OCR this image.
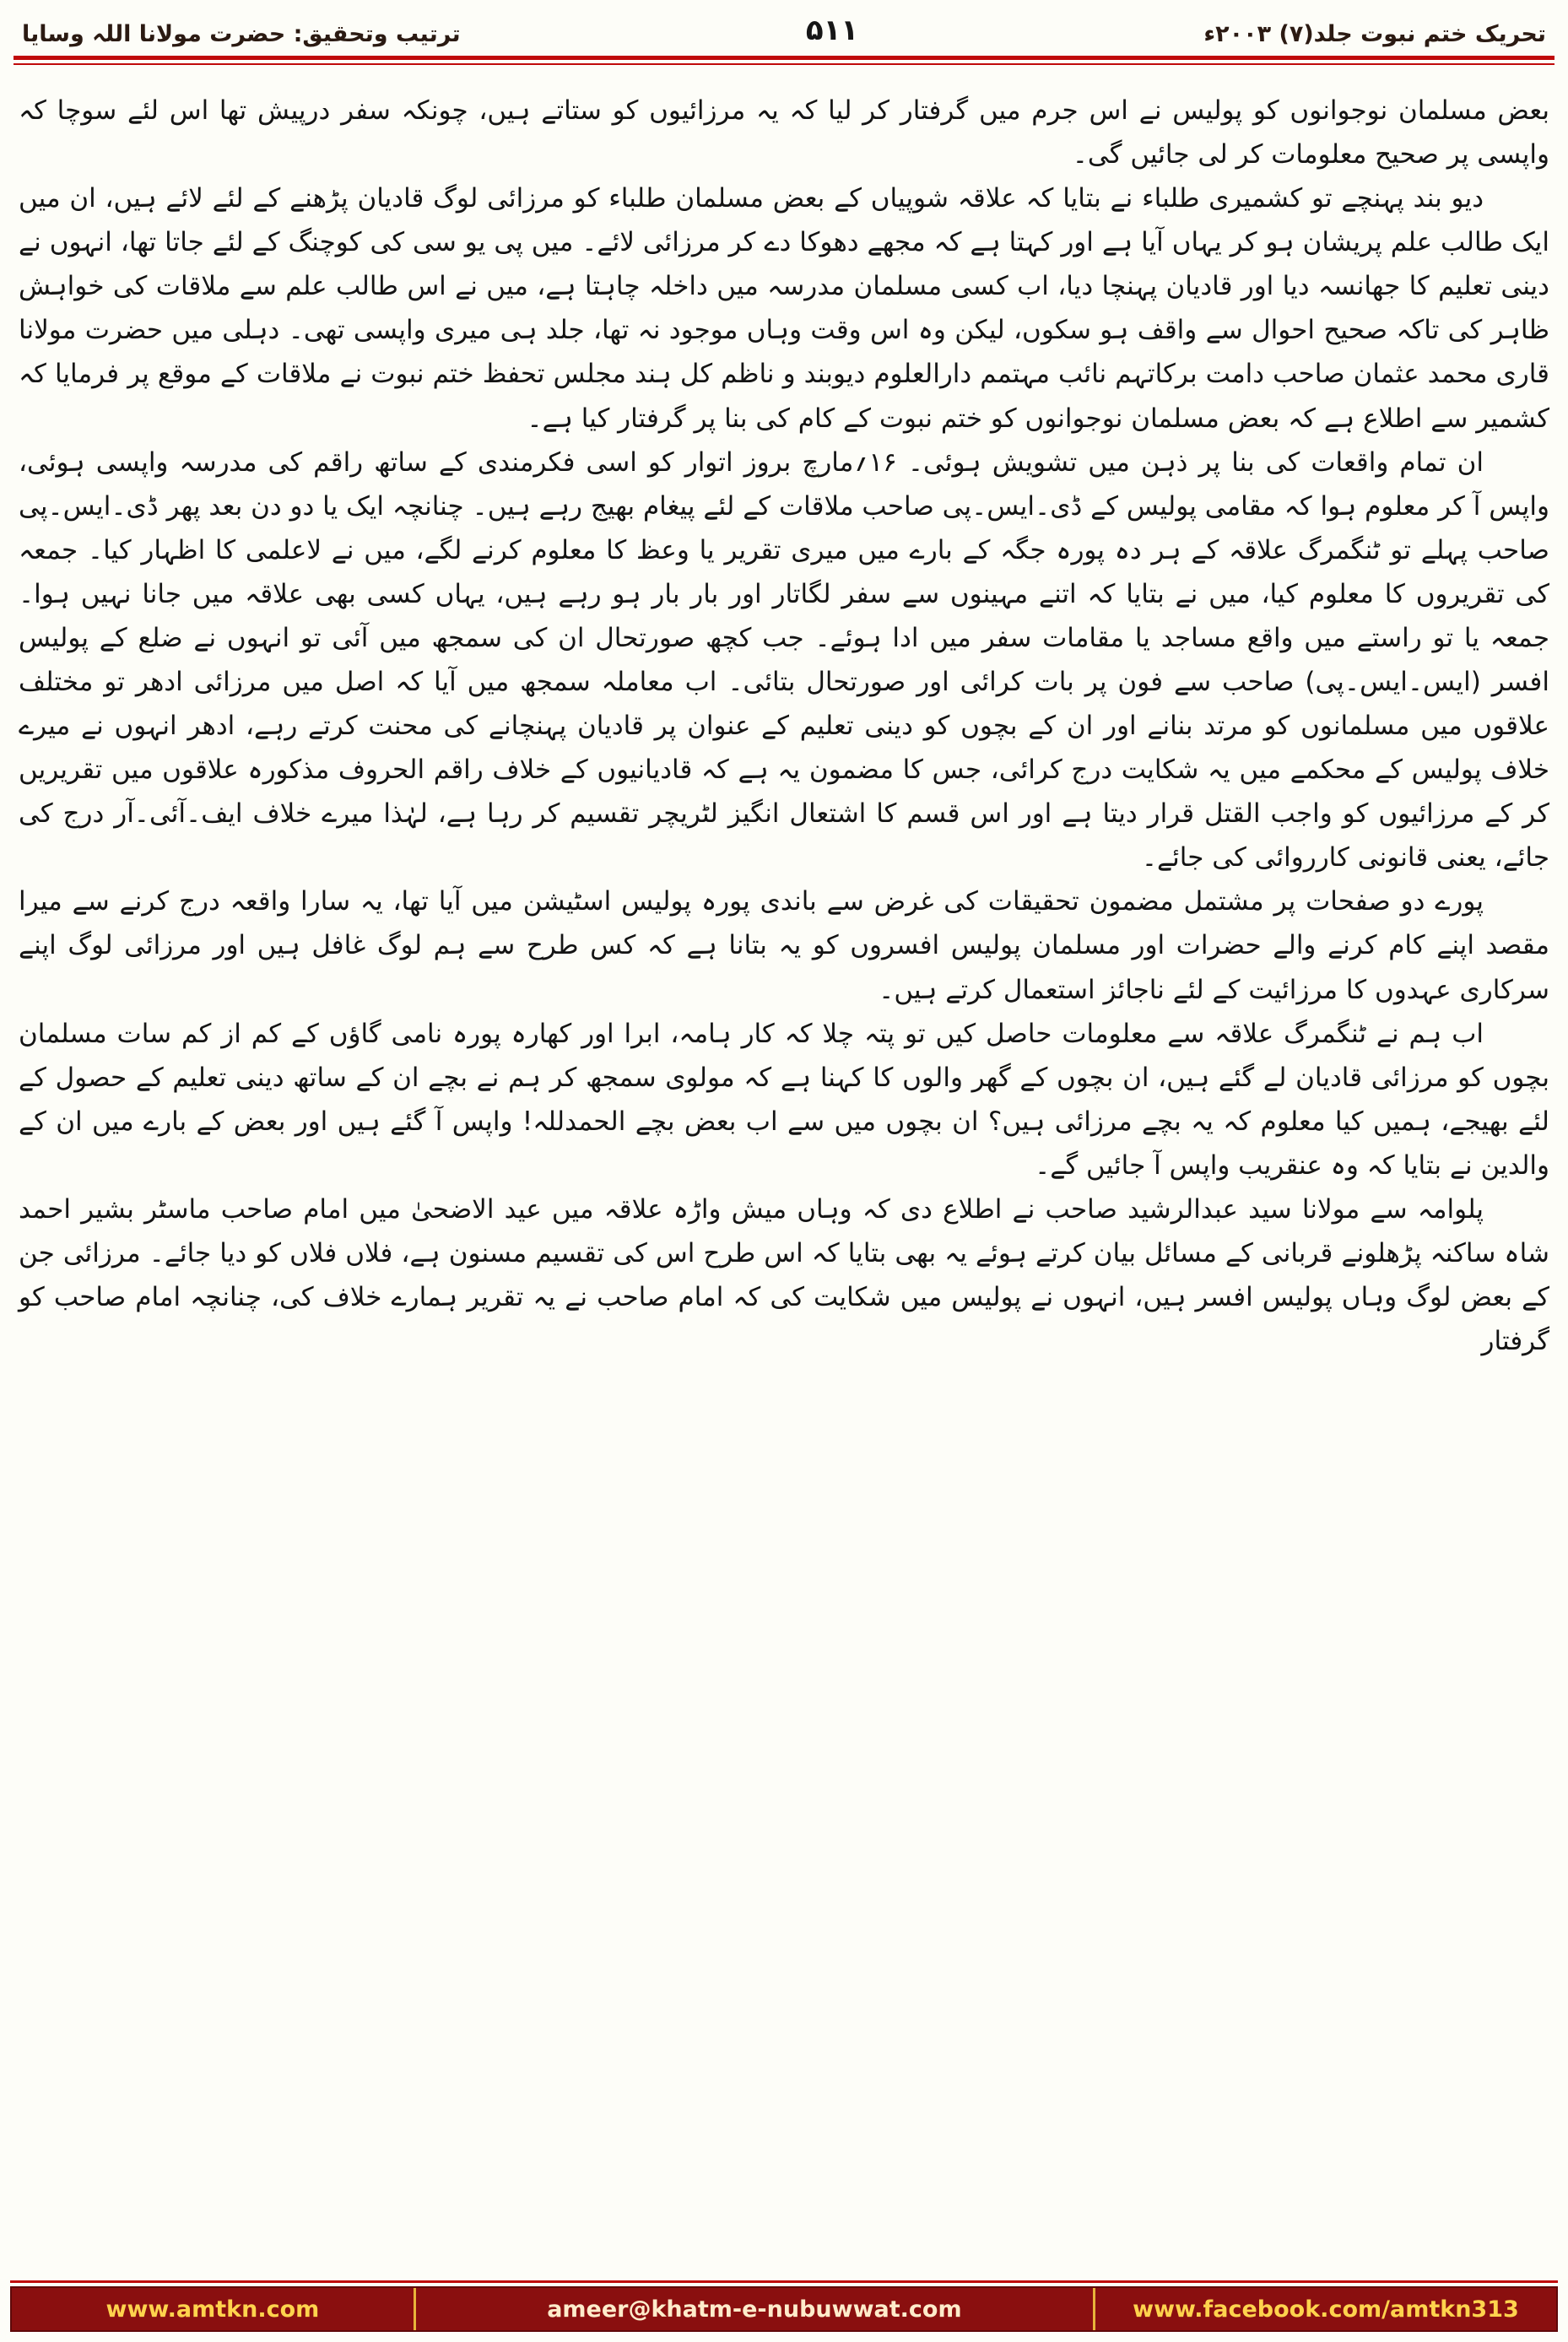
تحریک ختم نبوت جلد(۷) ۲۰۰۳ء
۵۱۱
ترتیب وتحقیق: حضرت مولانا اللہ وسایا

بعض مسلمان نوجوانوں کو پولیس نے اس جرم میں گرفتار کر لیا کہ یہ مرزائیوں کو ستاتے ہیں، چونکہ سفر درپیش تھا اس لئے سوچا کہ واپسی پر صحیح معلومات کر لی جائیں گی۔

دیو بند پہنچے تو کشمیری طلباء نے بتایا کہ علاقہ شوپیاں کے بعض مسلمان طلباء کو مرزائی لوگ قادیان پڑھنے کے لئے لائے ہیں، ان میں ایک طالب علم پریشان ہو کر یہاں آیا ہے اور کہتا ہے کہ مجھے دھوکا دے کر مرزائی لائے۔ میں پی یو سی کی کوچنگ کے لئے جاتا تھا، انہوں نے دینی تعلیم کا جھانسہ دیا اور قادیان پہنچا دیا، اب کسی مسلمان مدرسہ میں داخلہ چاہتا ہے، میں نے اس طالب علم سے ملاقات کی خواہش ظاہر کی تاکہ صحیح احوال سے واقف ہو سکوں، لیکن وہ اس وقت وہاں موجود نہ تھا، جلد ہی میری واپسی تھی۔ دہلی میں حضرت مولانا قاری محمد عثمان صاحب دامت برکاتہم نائب مہتمم دارالعلوم دیوبند و ناظم کل ہند مجلس تحفظ ختم نبوت نے ملاقات کے موقع پر فرمایا کہ کشمیر سے اطلاع ہے کہ بعض مسلمان نوجوانوں کو ختم نبوت کے کام کی بنا پر گرفتار کیا ہے۔

ان تمام واقعات کی بنا پر ذہن میں تشویش ہوئی۔ ۱۶؍مارچ بروز اتوار کو اسی فکرمندی کے ساتھ راقم کی مدرسہ واپسی ہوئی، واپس آ کر معلوم ہوا کہ مقامی پولیس کے ڈی۔ایس۔پی صاحب ملاقات کے لئے پیغام بھیج رہے ہیں۔ چنانچہ ایک یا دو دن بعد پھر ڈی۔ایس۔پی صاحب پہلے تو ٹنگمرگ علاقہ کے ہر دہ پورہ جگہ کے بارے میں میری تقریر یا وعظ کا معلوم کرنے لگے، میں نے لاعلمی کا اظہار کیا۔ جمعہ کی تقریروں کا معلوم کیا، میں نے بتایا کہ اتنے مہینوں سے سفر لگاتار اور بار بار ہو رہے ہیں، یہاں کسی بھی علاقہ میں جانا نہیں ہوا۔ جمعہ یا تو راستے میں واقع مساجد یا مقامات سفر میں ادا ہوئے۔ جب کچھ صورتحال ان کی سمجھ میں آئی تو انہوں نے ضلع کے پولیس افسر (ایس۔ایس۔پی) صاحب سے فون پر بات کرائی اور صورتحال بتائی۔ اب معاملہ سمجھ میں آیا کہ اصل میں مرزائی ادھر تو مختلف علاقوں میں مسلمانوں کو مرتد بنانے اور ان کے بچوں کو دینی تعلیم کے عنوان پر قادیان پہنچانے کی محنت کرتے رہے، ادھر انہوں نے میرے خلاف پولیس کے محکمے میں یہ شکایت درج کرائی، جس کا مضمون یہ ہے کہ قادیانیوں کے خلاف راقم الحروف مذکورہ علاقوں میں تقریریں کر کے مرزائیوں کو واجب القتل قرار دیتا ہے اور اس قسم کا اشتعال انگیز لٹریچر تقسیم کر رہا ہے، لہٰذا میرے خلاف ایف۔آئی۔آر درج کی جائے، یعنی قانونی کارروائی کی جائے۔

پورے دو صفحات پر مشتمل مضمون تحقیقات کی غرض سے باندی پورہ پولیس اسٹیشن میں آیا تھا، یہ سارا واقعہ درج کرنے سے میرا مقصد اپنے کام کرنے والے حضرات اور مسلمان پولیس افسروں کو یہ بتانا ہے کہ کس طرح سے ہم لوگ غافل ہیں اور مرزائی لوگ اپنے سرکاری عہدوں کا مرزائیت کے لئے ناجائز استعمال کرتے ہیں۔

اب ہم نے ٹنگمرگ علاقہ سے معلومات حاصل کیں تو پتہ چلا کہ کار ہامہ، ابرا اور کھارہ پورہ نامی گاؤں کے کم از کم سات مسلمان بچوں کو مرزائی قادیان لے گئے ہیں، ان بچوں کے گھر والوں کا کہنا ہے کہ مولوی سمجھ کر ہم نے بچے ان کے ساتھ دینی تعلیم کے حصول کے لئے بھیجے، ہمیں کیا معلوم کہ یہ بچے مرزائی ہیں؟ ان بچوں میں سے اب بعض بچے الحمدللہ! واپس آ گئے ہیں اور بعض کے بارے میں ان کے والدین نے بتایا کہ وہ عنقریب واپس آ جائیں گے۔

پلوامہ سے مولانا سید عبدالرشید صاحب نے اطلاع دی کہ وہاں میش واڑہ علاقہ میں عید الاضحیٰ میں امام صاحب ماسٹر بشیر احمد شاہ ساکنہ پڑھلونے قربانی کے مسائل بیان کرتے ہوئے یہ بھی بتایا کہ اس طرح اس کی تقسیم مسنون ہے، فلاں فلاں کو دیا جائے۔ مرزائی جن کے بعض لوگ وہاں پولیس افسر ہیں، انہوں نے پولیس میں شکایت کی کہ امام صاحب نے یہ تقریر ہمارے خلاف کی، چنانچہ امام صاحب کو گرفتار

www.amtkn.com	ameer@khatm-e-nubuwwat.com	www.facebook.com/amtkn313
